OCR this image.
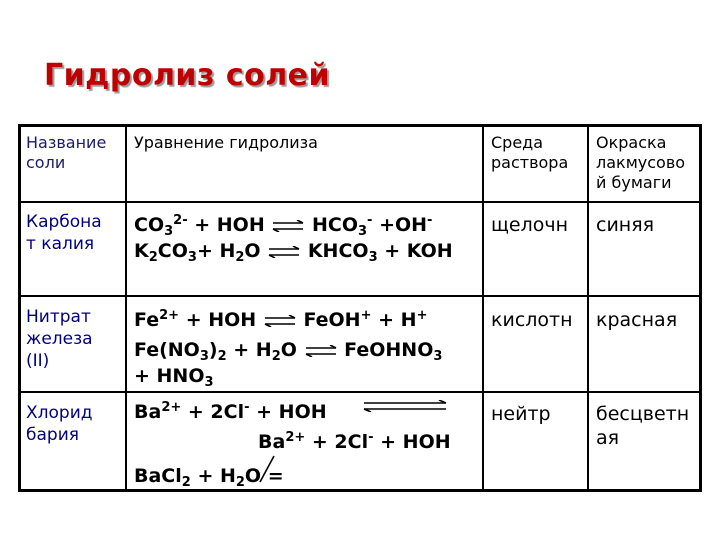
Гидролиз солей
Название
соли
Уравнение гидролиза	Среда
раствора
Окраска
лакмусово
й бумаги
Карбона
т калия
$CO_3^{2-}$ + HOH ⇌ $HCO_3^- +OH^-$
$K_2CO_3+ H_2O$ ⇌ $KHCO_3$ + KOH
щелочн синяя
Нитрат
железа
(II)
$Fe^{2+}$ + HOH ⇌ FeOH+ + H+
$Fe(NO_3)_2 + H_2O$ ⇌ FeOHNO$_3$
+ $HNO_3$
кислотн красная
Хлорид
бария
$Ba^{2+} + 2Cl^-$ + HOH
$Ba^{2+} + 2Cl^-$ + HOH
BaCl$_2$ + $H_2O$ =
нейтр бесцветн
ая
